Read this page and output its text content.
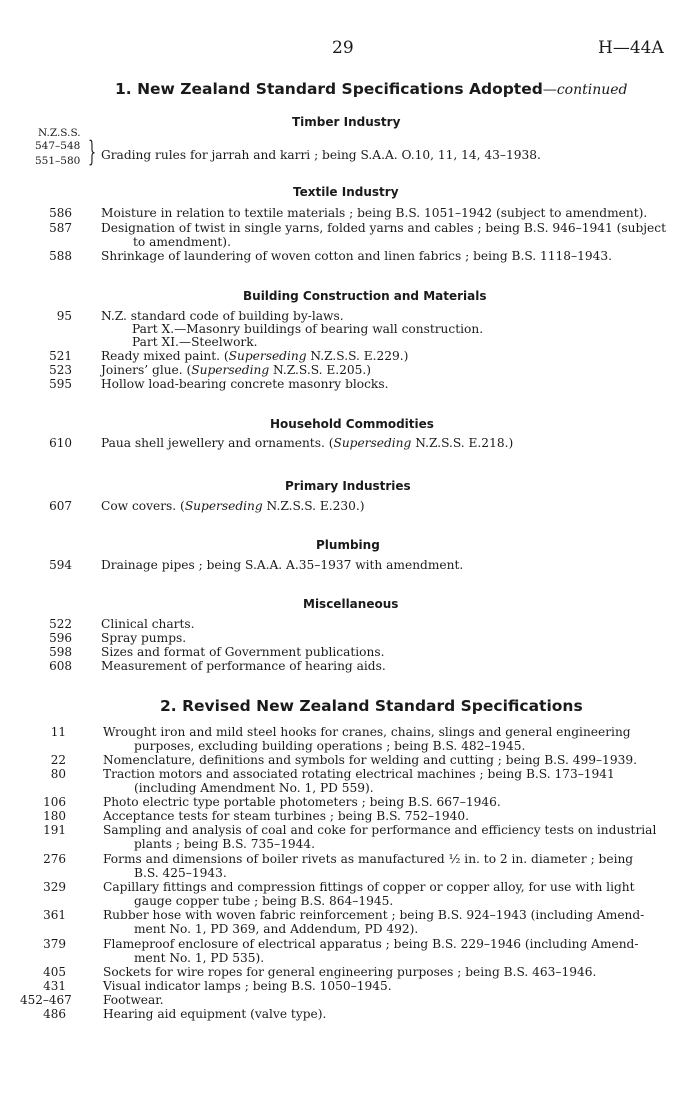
29	H—44A
1. New Zealand Standard Specifications Adopted—continued
Timber Industry
N.Z.S.S.
547–548
551–580 } Grading rules for jarrah and karri ; being S.A.A. O.10, 11, 14, 43–1938.
Textile Industry
586 Moisture in relation to textile materials ; being B.S. 1051–1942 (subject to amendment).
587 Designation of twist in single yarns, folded yarns and cables ; being B.S. 946–1941 (subject
to amendment).
588 Shrinkage of laundering of woven cotton and linen fabrics ; being B.S. 1118–1943.
Building Construction and Materials
95 N.Z. standard code of building by-laws.
Part X.—Masonry buildings of bearing wall construction.
Part XI.—Steelwork.
521 Ready mixed paint. (Superseding N.Z.S.S. E.229.)
523 Joiners’ glue. (Superseding N.Z.S.S. E.205.)
595 Hollow load-bearing concrete masonry blocks.
Household Commodities
610 Paua shell jewellery and ornaments. (Superseding N.Z.S.S. E.218.)
Primary Industries
607 Cow covers. (Superseding N.Z.S.S. E.230.)
Plumbing
594 Drainage pipes ; being S.A.A. A.35–1937 with amendment.
Miscellaneous
522 Clinical charts.
596 Spray pumps.
598 Sizes and format of Government publications.
608 Measurement of performance of hearing aids.
2. Revised New Zealand Standard Specifications
11	Wrought iron and mild steel hooks for cranes, chains, slings and general engineering
purposes, excluding building operations ; being B.S. 482–1945.
22	Nomenclature, definitions and symbols for welding and cutting ; being B.S. 499–1939.
80	Traction motors and associated rotating electrical machines ; being B.S. 173–1941
(including Amendment No. 1, PD 559).
106	Photo electric type portable photometers ; being B.S. 667–1946.
180	Acceptance tests for steam turbines ; being B.S. 752–1940.
191	Sampling and analysis of coal and coke for performance and efficiency tests on industrial
plants ; being B.S. 735–1944.
276	Forms and dimensions of boiler rivets as manufactured ½ in. to 2 in. diameter ; being
B.S. 425–1943.
329	Capillary fittings and compression fittings of copper or copper alloy, for use with light
gauge copper tube ; being B.S. 864–1945.
361	Rubber hose with woven fabric reinforcement ; being B.S. 924–1943 (including Amend-
ment No. 1, PD 369, and Addendum, PD 492).
379	Flameproof enclosure of electrical apparatus ; being B.S. 229–1946 (including Amend-
ment No. 1, PD 535).
405	Sockets for wire ropes for general engineering purposes ; being B.S. 463–1946.
431	Visual indicator lamps ; being B.S. 1050–1945.
452–467	Footwear.
486	Hearing aid equipment (valve type).
